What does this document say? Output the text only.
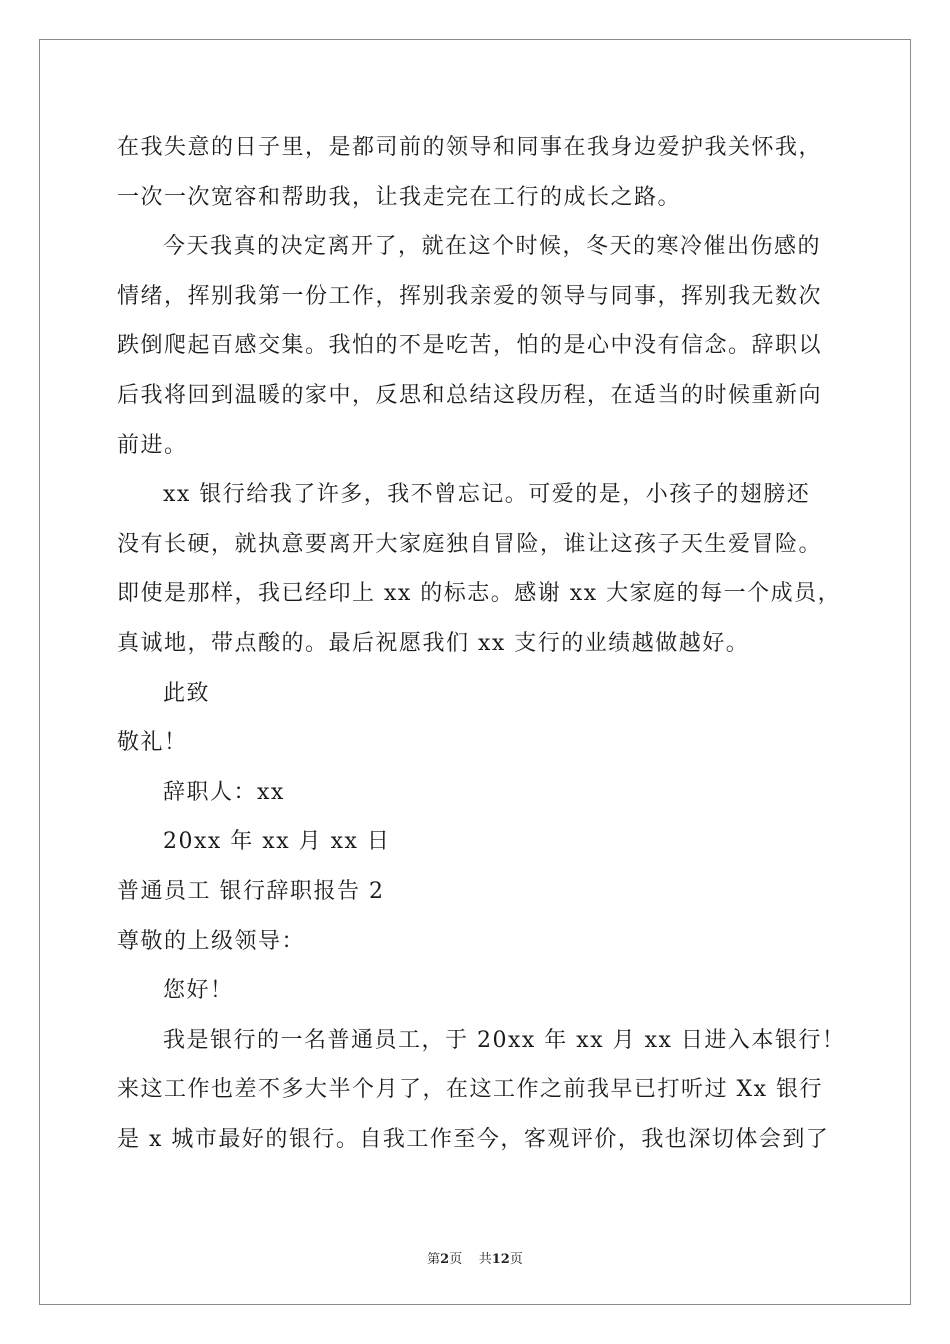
在我失意的日子里，是都司前的领导和同事在我身边爱护我关怀我，
一次一次宽容和帮助我，让我走完在工行的成长之路。
今天我真的决定离开了，就在这个时候，冬天的寒冷催出伤感的
情绪，挥别我第一份工作，挥别我亲爱的领导与同事，挥别我无数次
跌倒爬起百感交集。我怕的不是吃苦，怕的是心中没有信念。辞职以
后我将回到温暖的家中，反思和总结这段历程，在适当的时候重新向
前进。
xx 银行给我了许多，我不曾忘记。可爱的是，小孩子的翅膀还
没有长硬，就执意要离开大家庭独自冒险，谁让这孩子天生爱冒险。
即使是那样，我已经印上 xx 的标志。感谢 xx 大家庭的每一个成员，
真诚地，带点酸的。最后祝愿我们 xx 支行的业绩越做越好。
此致
敬礼！
辞职人：xx
20xx 年 xx 月 xx 日
普通员工 银行辞职报告 2
尊敬的上级领导：
您好！
我是银行的一名普通员工，于 20xx 年 xx 月 xx 日进入本银行！
来这工作也差不多大半个月了，在这工作之前我早已打听过 Xx 银行
是 x 城市最好的银行。自我工作至今，客观评价，我也深切体会到了
第2页    共12页
